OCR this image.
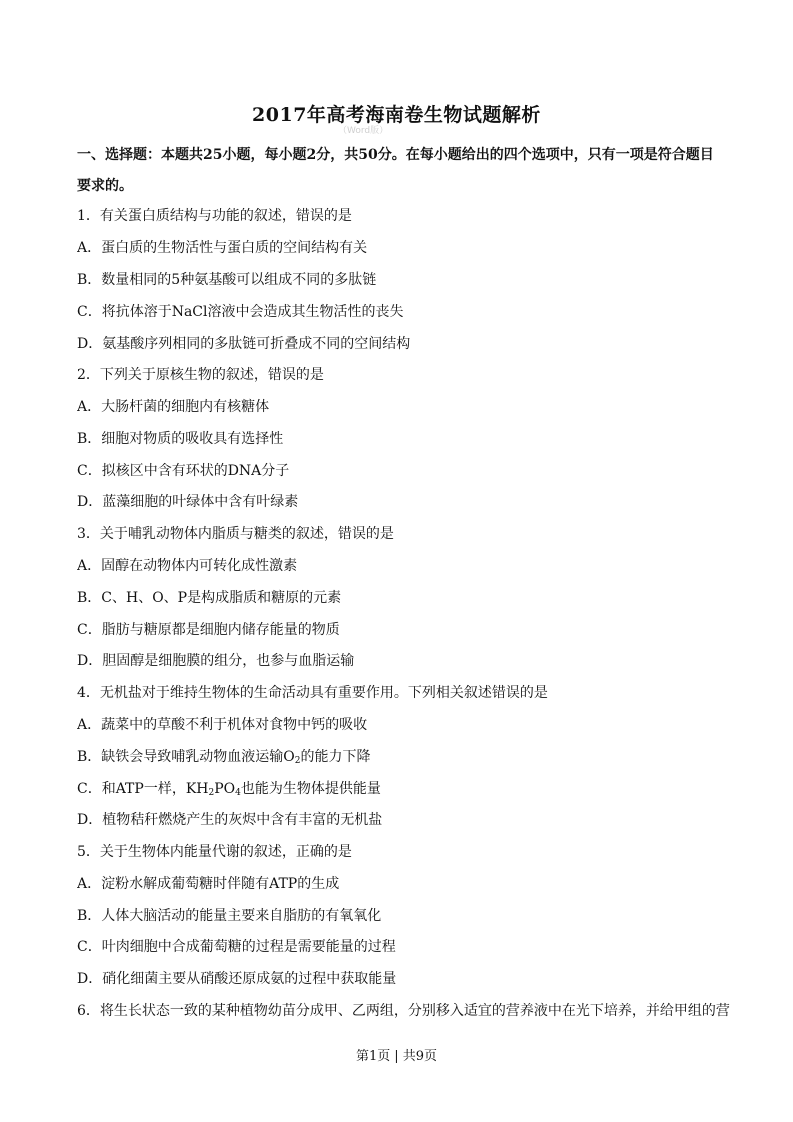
2017年高考海南卷生物试题解析
（Word版）
一、选择题：本题共25小题，每小题2分，共50分。在每小题给出的四个选项中，只有一项是符合题目
要求的。
1．有关蛋白质结构与功能的叙述，错误的是
A．蛋白质的生物活性与蛋白质的空间结构有关
B．数量相同的5种氨基酸可以组成不同的多肽链
C．将抗体溶于NaCl溶液中会造成其生物活性的丧失
D．氨基酸序列相同的多肽链可折叠成不同的空间结构
2．下列关于原核生物的叙述，错误的是
A．大肠杆菌的细胞内有核糖体
B．细胞对物质的吸收具有选择性
C．拟核区中含有环状的DNA分子
D．蓝藻细胞的叶绿体中含有叶绿素
3．关于哺乳动物体内脂质与糖类的叙述，错误的是
A．固醇在动物体内可转化成性激素
B．C、H、O、P是构成脂质和糖原的元素
C．脂肪与糖原都是细胞内储存能量的物质
D．胆固醇是细胞膜的组分，也参与血脂运输
4．无机盐对于维持生物体的生命活动具有重要作用。下列相关叙述错误的是
A．蔬菜中的草酸不利于机体对食物中钙的吸收
B．缺铁会导致哺乳动物血液运输$O_2$的能力下降
C．和ATP一样，$KH_2PO_4$也能为生物体提供能量
D．植物秸秆燃烧产生的灰烬中含有丰富的无机盐
5．关于生物体内能量代谢的叙述，正确的是
A．淀粉水解成葡萄糖时伴随有ATP的生成
B．人体大脑活动的能量主要来自脂肪的有氧氧化
C．叶肉细胞中合成葡萄糖的过程是需要能量的过程
D．硝化细菌主要从硝酸还原成氨的过程中获取能量
6．将生长状态一致的某种植物幼苗分成甲、乙两组，分别移入适宜的营养液中在光下培养，并给甲组的营
第1页 | 共9页
